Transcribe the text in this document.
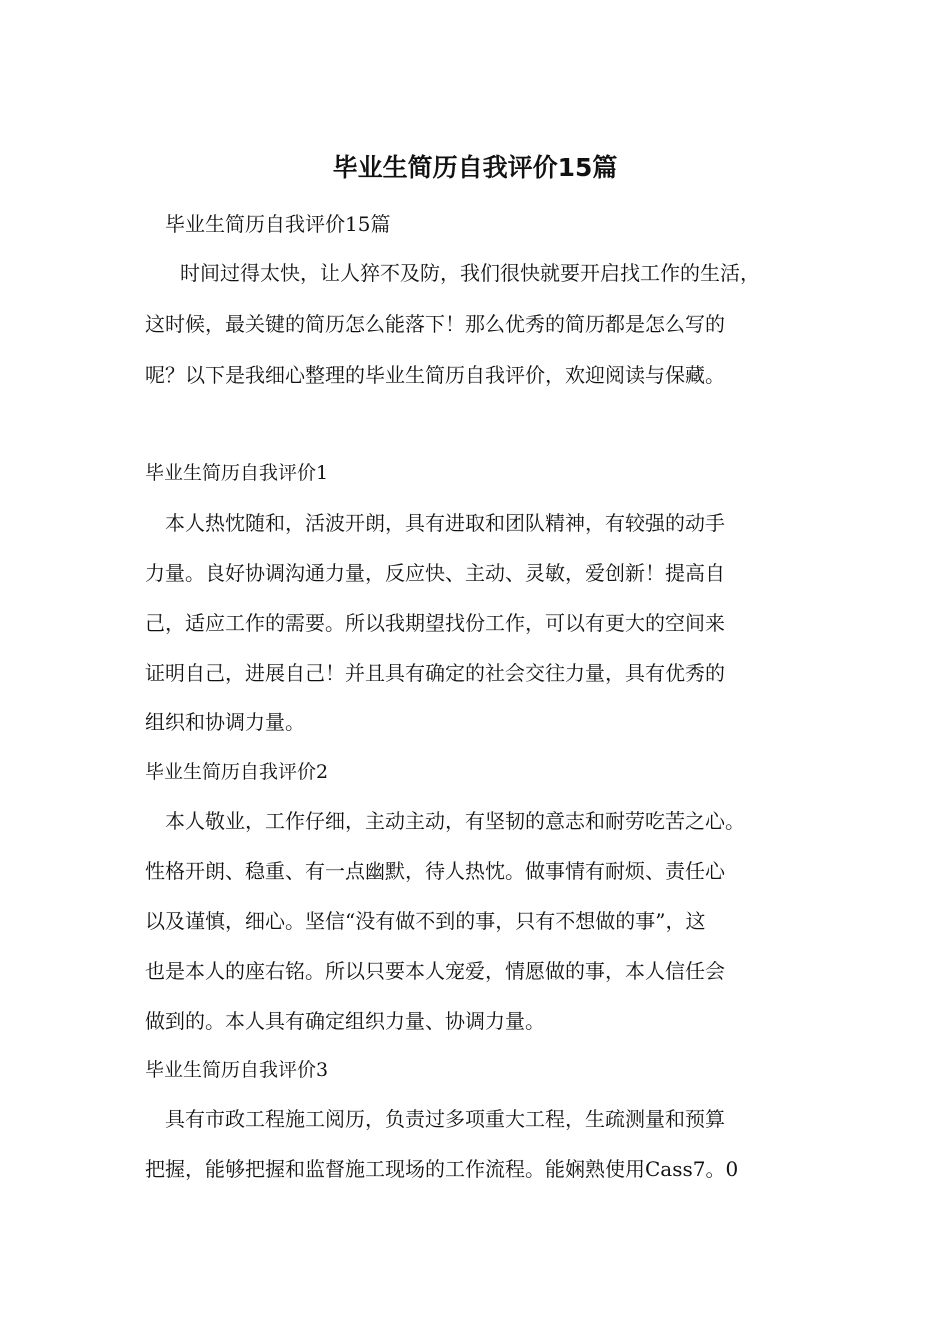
毕业生简历自我评价15篇
毕业生简历自我评价15篇
时间过得太快，让人猝不及防，我们很快就要开启找工作的生活，
这时候，最关键的简历怎么能落下！那么优秀的简历都是怎么写的
呢？以下是我细心整理的毕业生简历自我评价，欢迎阅读与保藏。
毕业生简历自我评价1
本人热忱随和，活波开朗，具有进取和团队精神，有较强的动手
力量。良好协调沟通力量，反应快、主动、灵敏，爱创新！提高自
己，适应工作的需要。所以我期望找份工作，可以有更大的空间来
证明自己，进展自己！并且具有确定的社会交往力量，具有优秀的
组织和协调力量。
毕业生简历自我评价2
本人敬业，工作仔细，主动主动，有坚韧的意志和耐劳吃苦之心。
性格开朗、稳重、有一点幽默，待人热忱。做事情有耐烦、责任心
以及谨慎，细心。坚信“没有做不到的事，只有不想做的事”，这
也是本人的座右铭。所以只要本人宠爱，情愿做的事，本人信任会
做到的。本人具有确定组织力量、协调力量。
毕业生简历自我评价3
具有市政工程施工阅历，负责过多项重大工程，生疏测量和预算
把握，能够把握和监督施工现场的工作流程。能娴熟使用Cass7。0
